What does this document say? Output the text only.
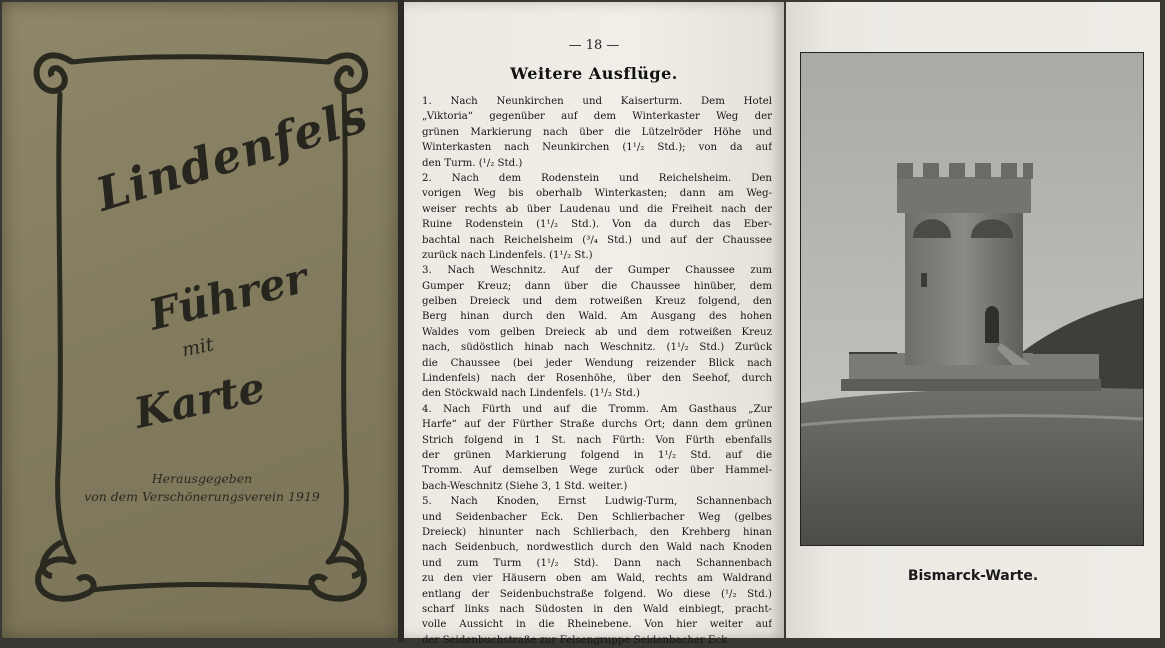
Lindenfels

Führer

mit

Karte

Herausgegeben

von dem Verschönerungsverein 1919

— 18 —

Weitere Ausflüge.
1. Nach Neunkirchen und Kaiserturm. Dem Hotel
„Viktoria“ gegenüber auf dem Winterkaster Weg der
grünen Markierung nach über die Lützelröder Höhe und
Winterkasten nach Neunkirchen (1¹/₂ Std.); von da auf
den Turm. (¹/₂ Std.)
2. Nach dem Rodenstein und Reichelsheim. Den
vorigen Weg bis oberhalb Winterkasten; dann am Weg-
weiser rechts ab über Laudenau und die Freiheit nach der
Ruine Rodenstein (1¹/₂ Std.). Von da durch das Eber-
bachtal nach Reichelsheim (³/₄ Std.) und auf der Chaussee
zurück nach Lindenfels. (1¹/₂ St.)
3. Nach Weschnitz. Auf der Gumper Chaussee zum
Gumper Kreuz; dann über die Chaussee hinüber, dem
gelben Dreieck und dem rotweißen Kreuz folgend, den
Berg hinan durch den Wald. Am Ausgang des hohen
Waldes vom gelben Dreieck ab und dem rotweißen Kreuz
nach, südöstlich hinab nach Weschnitz. (1¹/₂ Std.) Zurück
die Chaussee (bei jeder Wendung reizender Blick nach
Lindenfels) nach der Rosenhöhe, über den Seehof, durch
den Stöckwald nach Lindenfels. (1¹/₂ Std.)
4. Nach Fürth und auf die Tromm. Am Gasthaus „Zur
Harfe“ auf der Fürther Straße durchs Ort; dann dem grünen
Strich folgend in 1 St. nach Fürth: Von Fürth ebenfalls
der grünen Markierung folgend in 1¹/₂ Std. auf die
Tromm. Auf demselben Wege zurück oder über Hammel-
bach-Weschnitz (Siehe 3, 1 Std. weiter.)
5. Nach Knoden, Ernst Ludwig-Turm, Schannenbach
und Seidenbacher Eck. Den Schlierbacher Weg (gelbes
Dreieck) hinunter nach Schlierbach, den Krehberg hinan
nach Seidenbuch, nordwestlich durch den Wald nach Knoden
und zum Turm (1¹/₂ Std). Dann nach Schannenbach
zu den vier Häusern oben am Wald, rechts am Waldrand
entlang der Seidenbuchstraße folgend. Wo diese (¹/₂ Std.)
scharf links nach Südosten in den Wald einbiegt, pracht-
volle Aussicht in die Rheinebene. Von hier weiter auf
der Seidenbuchstraße zur Felsengruppe Seidenbacher Eck

Bismarck-Warte.
